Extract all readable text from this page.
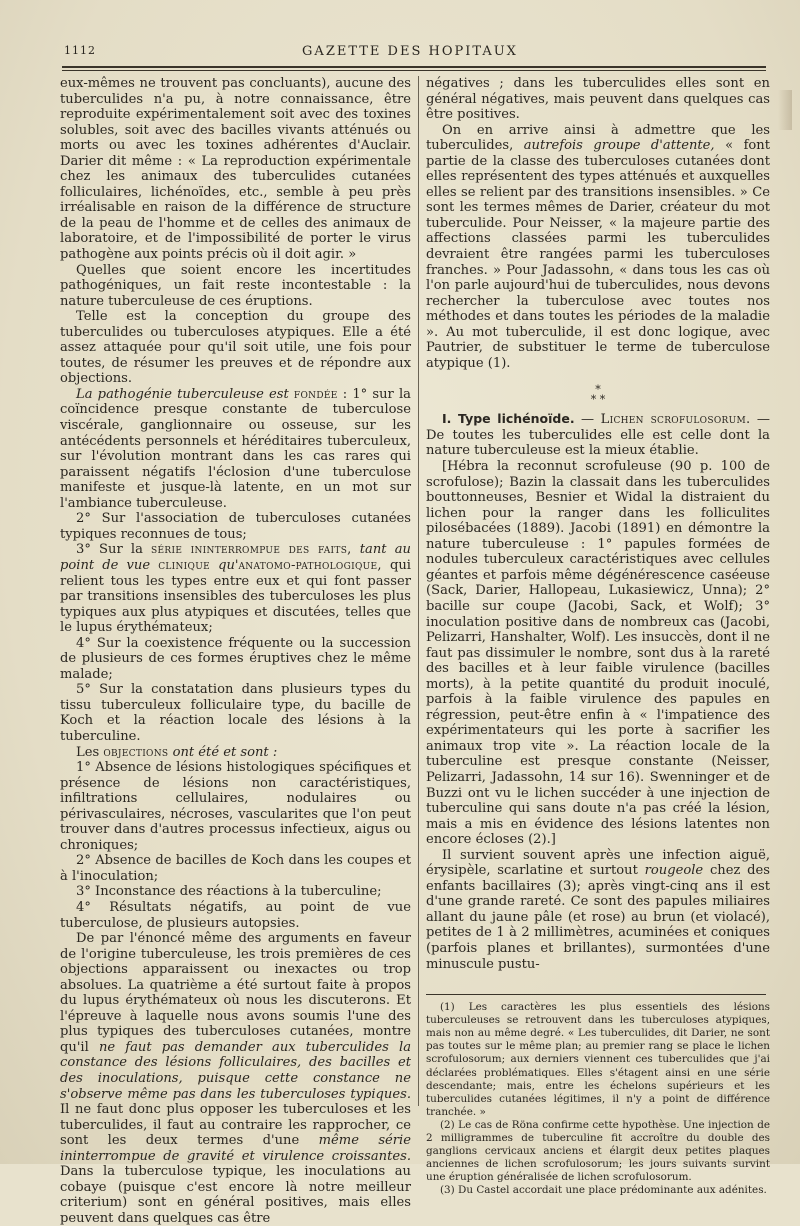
1112	GAZETTE DES HOPITAUX

eux-mêmes ne trouvent pas concluants), aucune des tuberculides n'a pu, à notre connaissance, être reproduite expérimentalement soit avec des toxines solubles, soit avec des bacilles vivants atténués ou morts ou avec les toxines adhérentes d'Auclair. Darier dit même : « La reproduction expérimentale chez les animaux des tuberculides cutanées folliculaires, lichénoïdes, etc., semble à peu près irréalisable en raison de la différence de structure de la peau de l'homme et de celles des animaux de laboratoire, et de l'impossibilité de porter le virus pathogène aux points précis où il doit agir. »

Quelles que soient encore les incertitudes pathogéniques, un fait reste incontestable : la nature tuberculeuse de ces éruptions.

Telle est la conception du groupe des tuberculides ou tuberculoses atypiques. Elle a été assez attaquée pour qu'il soit utile, une fois pour toutes, de résumer les preuves et de répondre aux objections.

La pathogénie tuberculeuse est fondée : 1° sur la coïncidence presque constante de tuberculose viscérale, ganglionnaire ou osseuse, sur les antécédents personnels et héréditaires tuberculeux, sur l'évolution montrant dans les cas rares qui paraissent négatifs l'éclosion d'une tuberculose manifeste et jusque-là latente, en un mot sur l'ambiance tuberculeuse.

2° Sur l'association de tuberculoses cutanées typiques reconnues de tous;

3° Sur la série ininterrompue des faits, tant au point de vue clinique qu'anatomo-pathologique, qui relient tous les types entre eux et qui font passer par transitions insensibles des tuberculoses les plus typiques aux plus atypiques et discutées, telles que le lupus érythémateux;

4° Sur la coexistence fréquente ou la succession de plusieurs de ces formes éruptives chez le même malade;

5° Sur la constatation dans plusieurs types du tissu tuberculeux folliculaire type, du bacille de Koch et la réaction locale des lésions à la tuberculine.

Les objections ont été et sont :

1° Absence de lésions histologiques spécifiques et présence de lésions non caractéristiques, infiltrations cellulaires, nodulaires ou périvasculaires, nécroses, vascularites que l'on peut trouver dans d'autres processus infectieux, aigus ou chroniques;

2° Absence de bacilles de Koch dans les coupes et à l'inoculation;

3° Inconstance des réactions à la tuberculine;

4° Résultats négatifs, au point de vue tuberculose, de plusieurs autopsies.

De par l'énoncé même des arguments en faveur de l'origine tuberculeuse, les trois premières de ces objections apparaissent ou inexactes ou trop absolues. La quatrième a été surtout faite à propos du lupus érythémateux où nous les discuterons. Et l'épreuve à laquelle nous avons soumis l'une des plus typiques des tuberculoses cutanées, montre qu'il ne faut pas demander aux tuberculides la constance des lésions folliculaires, des bacilles et des inoculations, puisque cette constance ne s'observe même pas dans les tuberculoses typiques. Il ne faut donc plus opposer les tuberculoses et les tuberculides, il faut au contraire les rapprocher, ce sont les deux termes d'une même série ininterrompue de gravité et virulence croissantes. Dans la tuberculose typique, les inoculations au cobaye (puisque c'est encore là notre meilleur criterium) sont en général positives, mais elles peuvent dans quelques cas être

négatives ; dans les tuberculides elles sont en général négatives, mais peuvent dans quelques cas être positives.

On en arrive ainsi à admettre que les tuberculides, autrefois groupe d'attente, « font partie de la classe des tuberculoses cutanées dont elles représentent des types atténués et auxquelles elles se relient par des transitions insensibles. » Ce sont les termes mêmes de Darier, créateur du mot tuberculide. Pour Neisser, « la majeure partie des affections classées parmi les tuberculides devraient être rangées parmi les tuberculoses franches. » Pour Jadassohn, « dans tous les cas où l'on parle aujourd'hui de tuberculides, nous devons rechercher la tuberculose avec toutes nos méthodes et dans toutes les périodes de la maladie ». Au mot tuberculide, il est donc logique, avec Pautrier, de substituer le terme de tuberculose atypique (1).

*
* *

I. Type lichénoïde. — Lichen scrofulosorum. — De toutes les tuberculides elle est celle dont la nature tuberculeuse est la mieux établie.

[Hébra la reconnut scrofuleuse (90 p. 100 de scrofulose); Bazin la classait dans les tuberculides bouttonneuses, Besnier et Widal la distraient du lichen pour la ranger dans les folliculites pilosébacées (1889). Jacobi (1891) en démontre la nature tuberculeuse : 1° papules formées de nodules tuberculeux caractéristiques avec cellules géantes et parfois même dégénérescence caséeuse (Sack, Darier, Hallopeau, Lukasiewicz, Unna); 2° bacille sur coupe (Jacobi, Sack, et Wolf); 3° inoculation positive dans de nombreux cas (Jacobi, Pelizarri, Hanshalter, Wolf). Les insuccès, dont il ne faut pas dissimuler le nombre, sont dus à la rareté des bacilles et à leur faible virulence (bacilles morts), à la petite quantité du produit inoculé, parfois à la faible virulence des papules en régression, peut-être enfin à « l'impatience des expérimentateurs qui les porte à sacrifier les animaux trop vite ». La réaction locale de la tuberculine est presque constante (Neisser, Pelizarri, Jadassohn, 14 sur 16). Swenninger et de Buzzi ont vu le lichen succéder à une injection de tuberculine qui sans doute n'a pas créé la lésion, mais a mis en évidence des lésions latentes non encore écloses (2).]

Il survient souvent après une infection aiguë, érysipèle, scarlatine et surtout rougeole chez des enfants bacillaires (3); après vingt-cinq ans il est d'une grande rareté. Ce sont des papules miliaires allant du jaune pâle (et rose) au brun (et violacé), petites de 1 à 2 millimètres, acuminées et coniques (parfois planes et brillantes), surmontées d'une minuscule pustu-

(1) Les caractères les plus essentiels des lésions tuberculeuses se retrouvent dans les tuberculoses atypiques, mais non au même degré. « Les tuberculides, dit Darier, ne sont pas toutes sur le même plan; au premier rang se place le lichen scrofulosorum; aux derniers viennent ces tuberculides que j'ai déclarées problématiques. Elles s'étagent ainsi en une série descendante; mais, entre les échelons supérieurs et les tuberculides cutanées légitimes, il n'y a point de différence tranchée. »

(2) Le cas de Röna confirme cette hypothèse. Une injection de 2 milligrammes de tuberculine fit accroître du double des ganglions cervicaux anciens et élargit deux petites plaques anciennes de lichen scrofulosorum; les jours suivants survint une éruption généralisée de lichen scrofulosorum.

(3) Du Castel accordait une place prédominante aux adénites.
